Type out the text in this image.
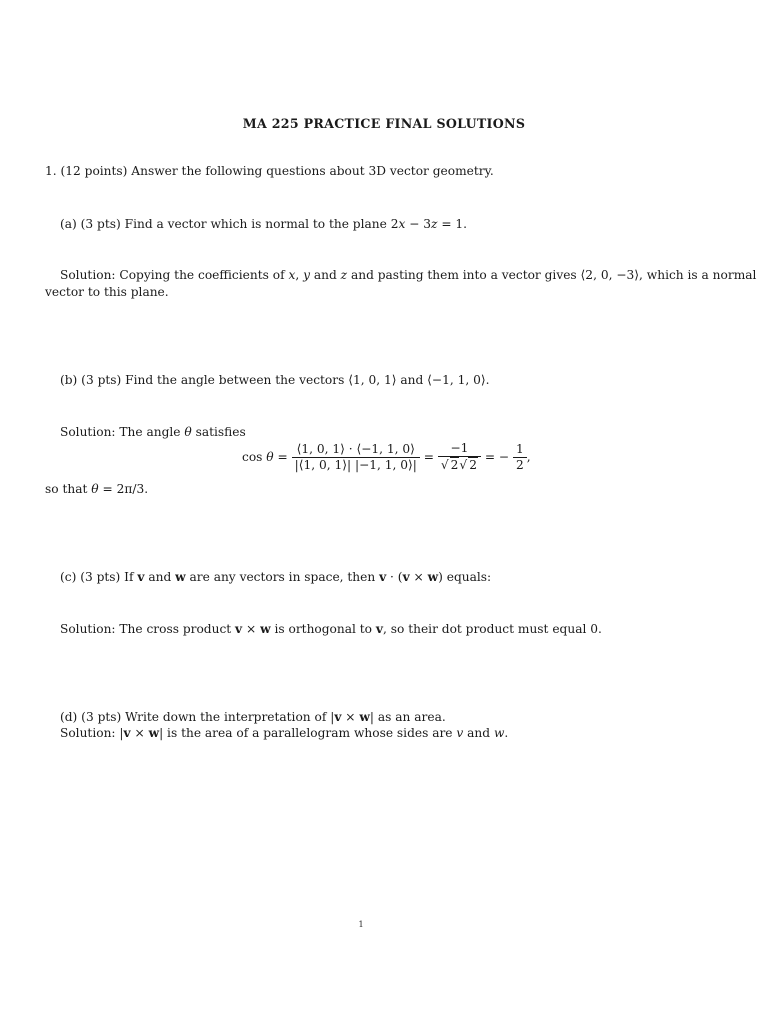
MA 225 PRACTICE FINAL SOLUTIONS
1. (12 points) Answer the following questions about 3D vector geometry.
(a) (3 pts) Find a vector which is normal to the plane 2x − 3z = 1.
Solution: Copying the coefficients of x, y and z and pasting them into a vector gives ⟨2, 0, −3⟩, which is a normal
vector to this plane.
(b) (3 pts) Find the angle between the vectors ⟨1, 0, 1⟩ and ⟨−1, 1, 0⟩.
Solution: The angle θ satisfies
$\cos \theta = \frac{⟨1, 0, 1⟩ \cdot ⟨-1, 1, 0⟩}{|⟨1, 0, 1⟩| |-1, 1, 0⟩|} = \frac{-1}{√ 2√ 2}$ = − $\frac{1}{2}$ ,
so that θ = 2π/3.
(c) (3 pts) If v and w are any vectors in space, then v · (v × w) equals:
Solution: The cross product v × w is orthogonal to v, so their dot product must equal 0.
(d) (3 pts) Write down the interpretation of |v × w| as an area.
Solution: |v × w| is the area of a parallelogram whose sides are v and w.
1
